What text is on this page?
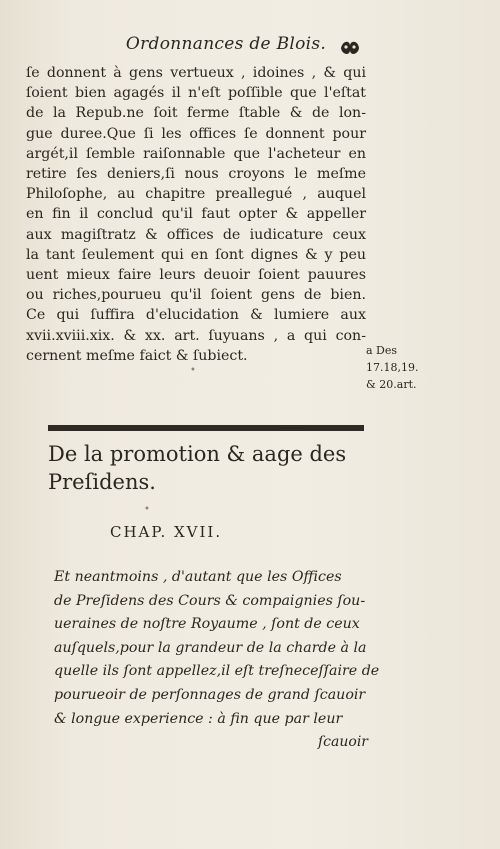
Ordonnances de Blois.
ſe donnent à gens vertueux , idoines , & qui
ſoient bien agagés il n'eſt poſſible que l'eſtat
de la Repub.ne ſoit ferme ſtable & de lon-
gue duree.Que ſi les offices ſe donnent pour
argét,il ſemble raiſonnable que l'acheteur en
retire ſes deniers,ſi nous croyons le meſme
Philoſophe, au chapitre preallegué , auquel
en fin il conclud qu'il faut opter & appeller
aux magiſtratz & offices de iudicature ceux
la tant ſeulement qui en ſont dignes & y peu
uent mieux faire leurs deuoir ſoient pauures
ou riches,pourueu qu'il ſoient gens de bien.
Ce qui ſuffira d'elucidation & lumiere aux
xvii.xviii.xix. & xx. art. ſuyuans , a qui con-
cernent meſme faict & ſubiect.	a Des
17.18,19.
& 20.art.
•
De la promotion & aage des
Preſidens.
•
CHAP. XVII.
Et neantmoins , d'autant que les Offices
de Preſidens des Cours & compaignies ſou-
ueraines de noſtre Royaume , ſont de ceux
auſquels,pour la grandeur de la charde à la
quelle ils ſont appellez,il eſt treſneceſſaire de
pourueoir de perſonnages de grand ſcauoir
& longue experience : à fin que par leur
ſcauoir
